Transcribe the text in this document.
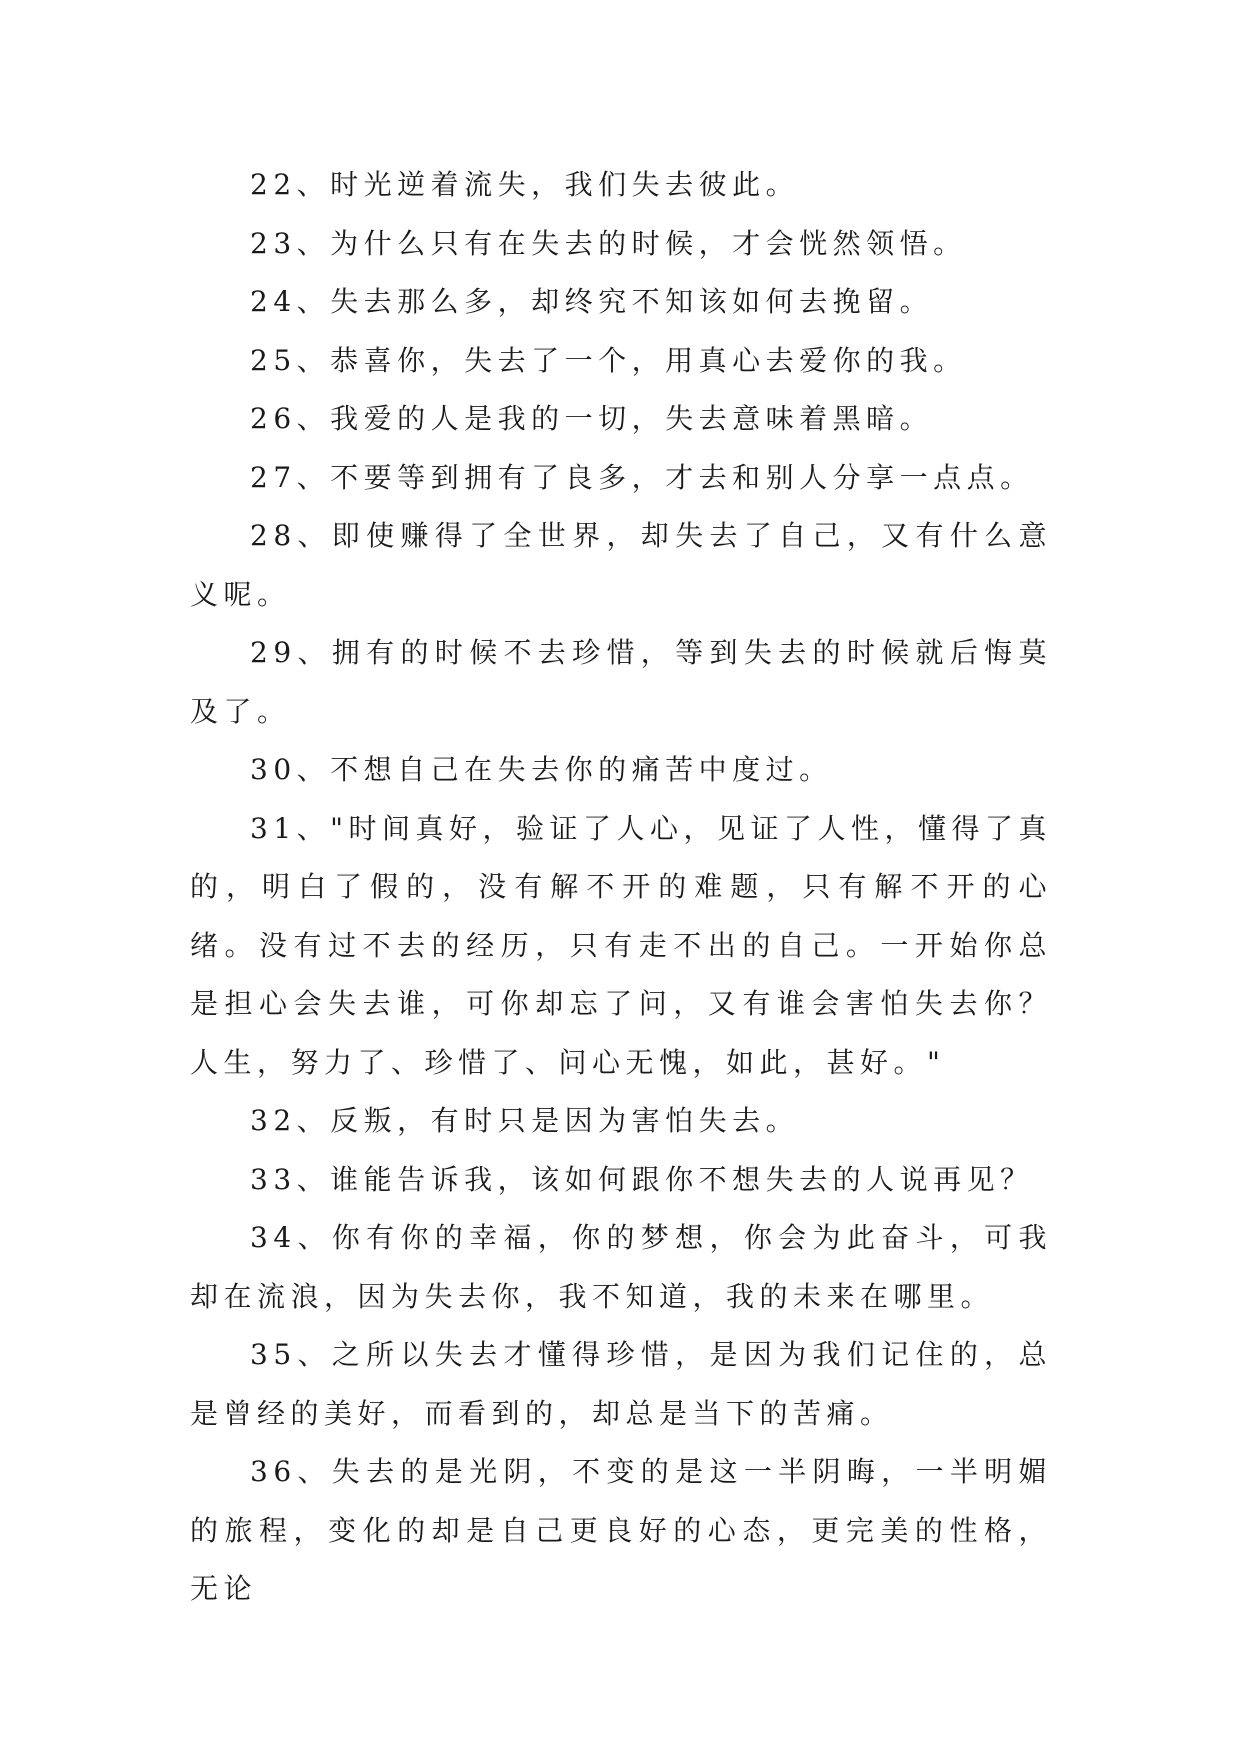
22、时光逆着流失，我们失去彼此。

23、为什么只有在失去的时候，才会恍然领悟。

24、失去那么多，却终究不知该如何去挽留。

25、恭喜你，失去了一个，用真心去爱你的我。

26、我爱的人是我的一切，失去意味着黑暗。

27、不要等到拥有了良多，才去和别人分享一点点。

28、即使赚得了全世界，却失去了自己，又有什么意义呢。

29、拥有的时候不去珍惜，等到失去的时候就后悔莫及了。

30、不想自己在失去你的痛苦中度过。

31、"时间真好，验证了人心，见证了人性，懂得了真的，明白了假的，没有解不开的难题，只有解不开的心绪。没有过不去的经历，只有走不出的自己。一开始你总是担心会失去谁，可你却忘了问，又有谁会害怕失去你？人生，努力了、珍惜了、问心无愧，如此，甚好。"

32、反叛，有时只是因为害怕失去。

33、谁能告诉我，该如何跟你不想失去的人说再见？

34、你有你的幸福，你的梦想，你会为此奋斗，可我却在流浪，因为失去你，我不知道，我的未来在哪里。

35、之所以失去才懂得珍惜，是因为我们记住的，总是曾经的美好，而看到的，却总是当下的苦痛。

36、失去的是光阴，不变的是这一半阴晦，一半明媚的旅程，变化的却是自己更良好的心态，更完美的性格，无论
